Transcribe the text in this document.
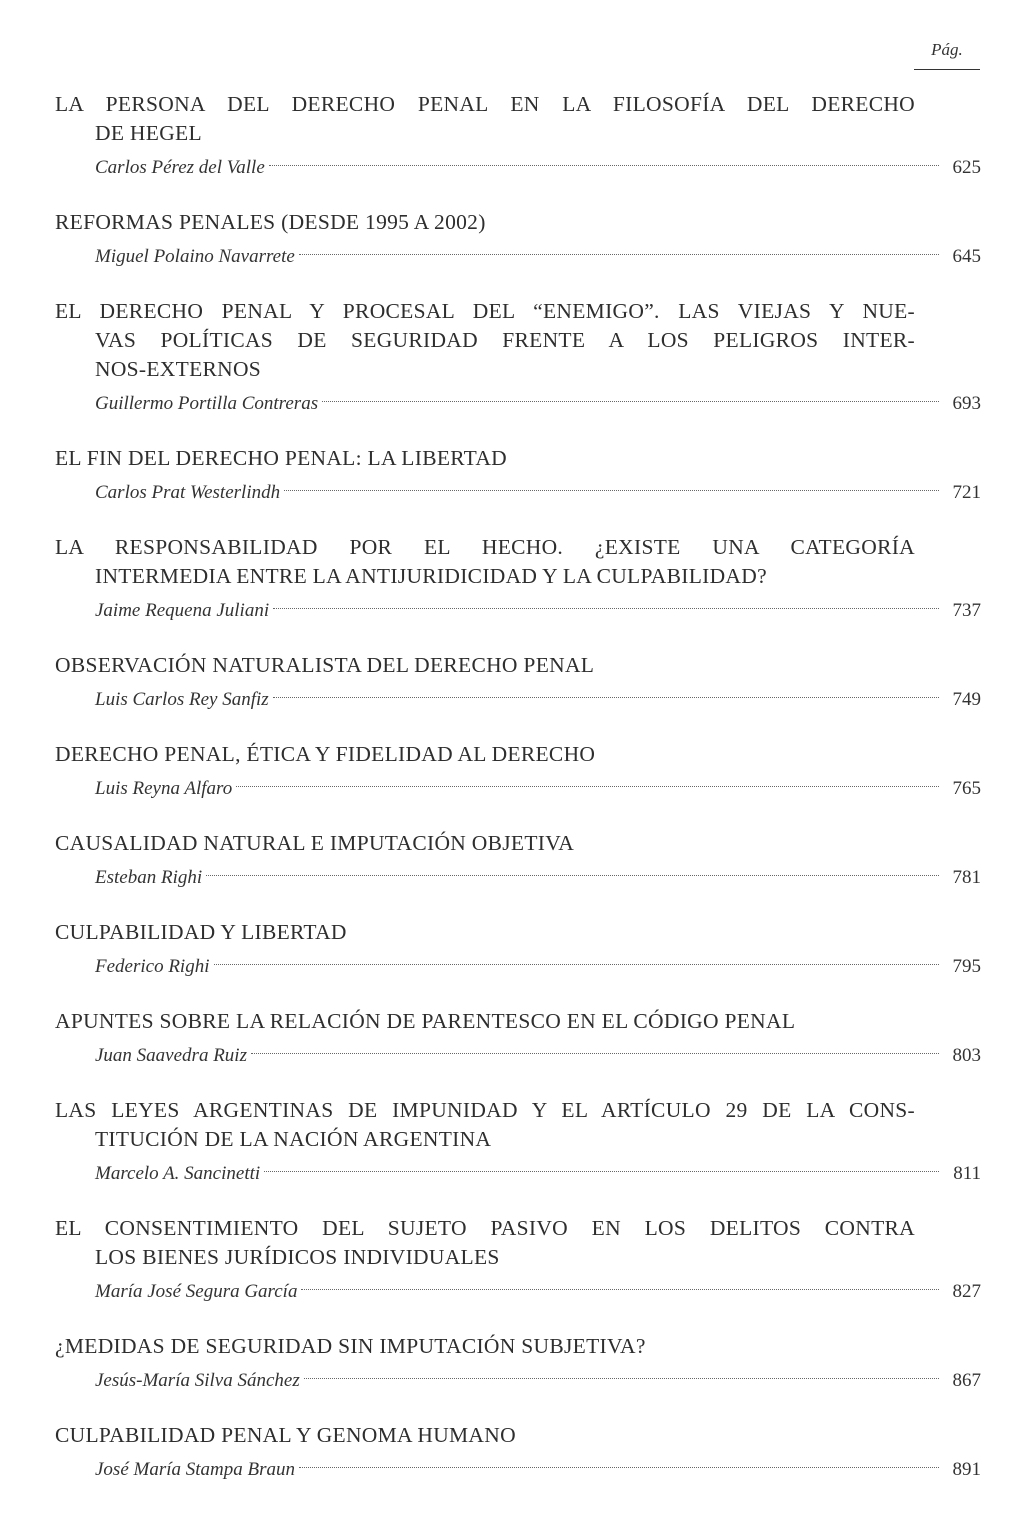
Pág.
LA PERSONA DEL DERECHO PENAL EN LA FILOSOFÍA DEL DERECHO
DE HEGEL
Carlos Pérez del Valle	625
REFORMAS PENALES (DESDE 1995 A 2002)
Miguel Polaino Navarrete	645
EL DERECHO PENAL Y PROCESAL DEL “ENEMIGO”. LAS VIEJAS Y NUE-
VAS POLÍTICAS DE SEGURIDAD FRENTE A LOS PELIGROS INTER-
NOS-EXTERNOS
Guillermo Portilla Contreras	693
EL FIN DEL DERECHO PENAL: LA LIBERTAD
Carlos Prat Westerlindh	721
LA RESPONSABILIDAD POR EL HECHO. ¿EXISTE UNA CATEGORÍA
INTERMEDIA ENTRE LA ANTIJURIDICIDAD Y LA CULPABILIDAD?
Jaime Requena Juliani	737
OBSERVACIÓN NATURALISTA DEL DERECHO PENAL
Luis Carlos Rey Sanfiz	749
DERECHO PENAL, ÉTICA Y FIDELIDAD AL DERECHO
Luis Reyna Alfaro	765
CAUSALIDAD NATURAL E IMPUTACIÓN OBJETIVA
Esteban Righi	781
CULPABILIDAD Y LIBERTAD
Federico Righi	795
APUNTES SOBRE LA RELACIÓN DE PARENTESCO EN EL CÓDIGO PENAL
Juan Saavedra Ruiz	803
LAS LEYES ARGENTINAS DE IMPUNIDAD Y EL ARTÍCULO 29 DE LA CONS-
TITUCIÓN DE LA NACIÓN ARGENTINA
Marcelo A. Sancinetti	811
EL CONSENTIMIENTO DEL SUJETO PASIVO EN LOS DELITOS CONTRA
LOS BIENES JURÍDICOS INDIVIDUALES
María José Segura García	827
¿MEDIDAS DE SEGURIDAD SIN IMPUTACIÓN SUBJETIVA?
Jesús-María Silva Sánchez	867
CULPABILIDAD PENAL Y GENOMA HUMANO
José María Stampa Braun	891
